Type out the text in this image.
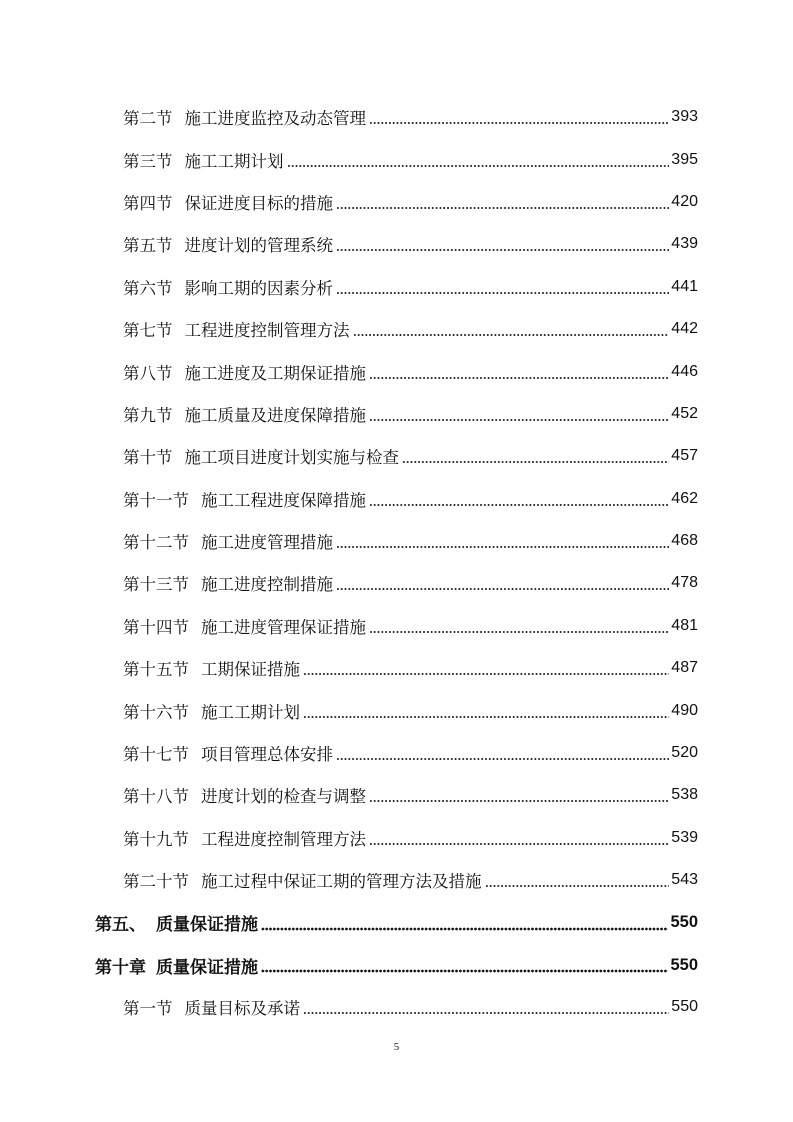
第二节 施工进度监控及动态管理	393
第三节 施工工期计划	395
第四节 保证进度目标的措施	420
第五节 进度计划的管理系统	439
第六节 影响工期的因素分析	441
第七节 工程进度控制管理方法	442
第八节 施工进度及工期保证措施	446
第九节 施工质量及进度保障措施	452
第十节 施工项目进度计划实施与检查	457
第十一节 施工工程进度保障措施	462
第十二节 施工进度管理措施	468
第十三节 施工进度控制措施	478
第十四节 施工进度管理保证措施	481
第十五节 工期保证措施	487
第十六节 施工工期计划	490
第十七节 项目管理总体安排	520
第十八节 进度计划的检查与调整	538
第十九节 工程进度控制管理方法	539
第二十节 施工过程中保证工期的管理方法及措施	543
第五、 质量保证措施	550
第十章 质量保证措施	550
第一节 质量目标及承诺	550
5
